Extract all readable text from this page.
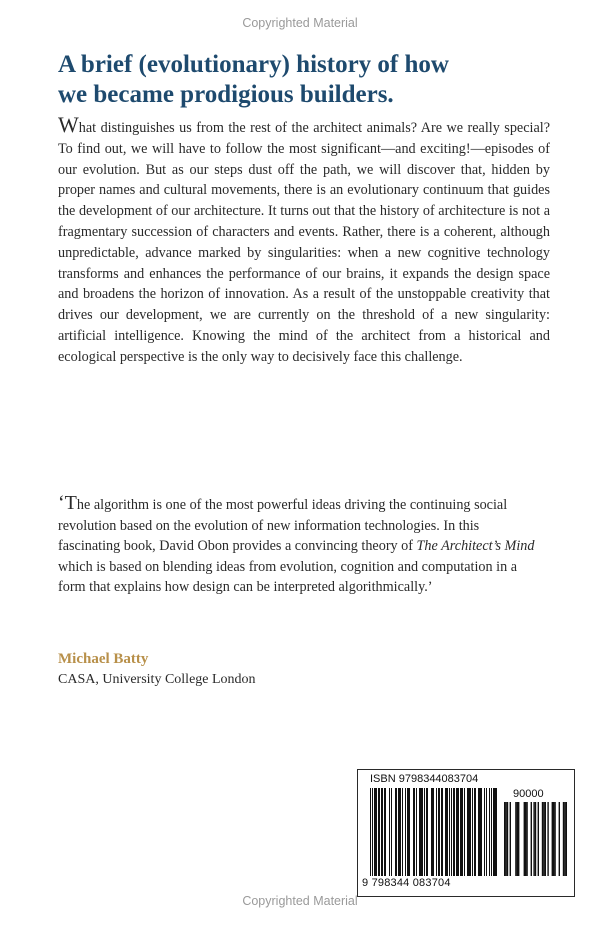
Copyrighted Material
A brief (evolutionary) history of how
we became prodigious builders.

What distinguishes us from the rest of the architect animals? Are we really special? To find out, we will have to follow the most significant—and exciting!—episodes of our evolution. But as our steps dust off the path, we will discover that, hidden by proper names and cultural movements, there is an evolutionary continuum that guides the development of our architecture. It turns out that the history of architecture is not a fragmentary succession of characters and events. Rather, there is a coherent, although unpredictable, advance marked by singularities: when a new cognitive technology transforms and enhances the performance of our brains, it expands the design space and broadens the horizon of innovation. As a result of the unstoppable creativity that drives our development, we are currently on the threshold of a new singularity: artificial intelligence. Knowing the mind of the architect from a historical and ecological perspective is the only way to decisively face this challenge.

‘The algorithm is one of the most powerful ideas driving the continuing social revolution based on the evolution of new information technologies. In this fascinating book, David Obon provides a convincing theory of The Architect’s Mind which is based on blending ideas from evolution, cognition and computation in a form that explains how design can be interpreted algorithmically.’

Michael Batty
CASA, University College London
ISBN 9798344083704
90000
9 798344 083704
Copyrighted Material
